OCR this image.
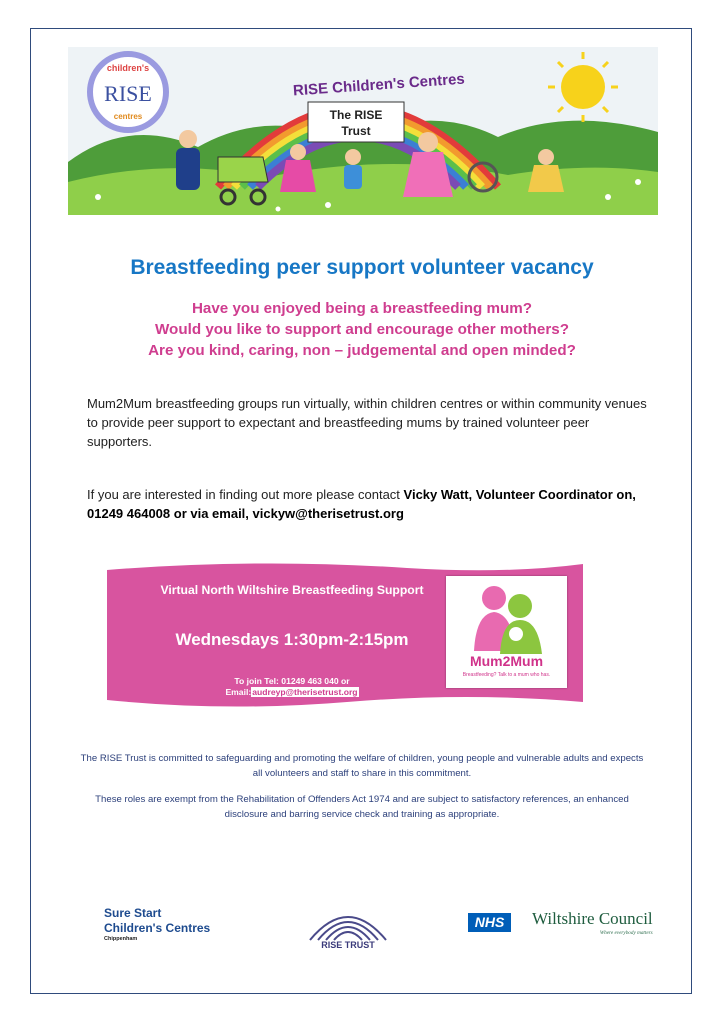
RISE Children's Centres
The RISE
Trust
children's
RISE
centres
Breastfeeding peer support volunteer vacancy
Have you enjoyed being a breastfeeding mum?
Would you like to support and encourage other mothers?
Are you kind, caring, non – judgemental and open minded?
Mum2Mum breastfeeding groups run virtually, within children centres or within community venues to provide peer support to expectant and breastfeeding mums by trained volunteer peer supporters.
If you are interested in finding out more please contact Vicky Watt, Volunteer Coordinator on, 01249 464008 or via email, vickyw@therisetrust.org
Virtual North Wiltshire Breastfeeding Support
Wednesdays 1:30pm-2:15pm
To join Tel: 01249 463 040 or
Email:audreyp@therisetrust.org
Mum2Mum
Breastfeeding? Talk to a mum who has.
The RISE Trust is committed to safeguarding and promoting the welfare of children, young people and vulnerable adults and expects all volunteers and staff to share in this commitment.
These roles are exempt from the Rehabilitation of Offenders Act 1974 and are subject to satisfactory references, an enhanced disclosure and barring service check and training as appropriate.
Sure Start
Children's Centres
Chippenham
RISE TRUST
NHS	Wiltshire Council
Where everybody matters
